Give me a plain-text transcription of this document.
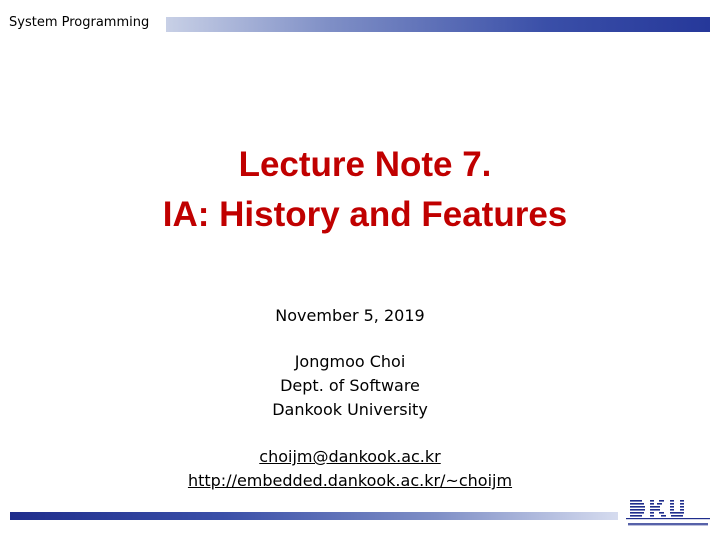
System Programming
Lecture Note 7.
IA: History and Features
November 5, 2019
Jongmoo Choi
Dept. of Software
Dankook University
choijm@dankook.ac.kr
http://embedded.dankook.ac.kr/~choijm
